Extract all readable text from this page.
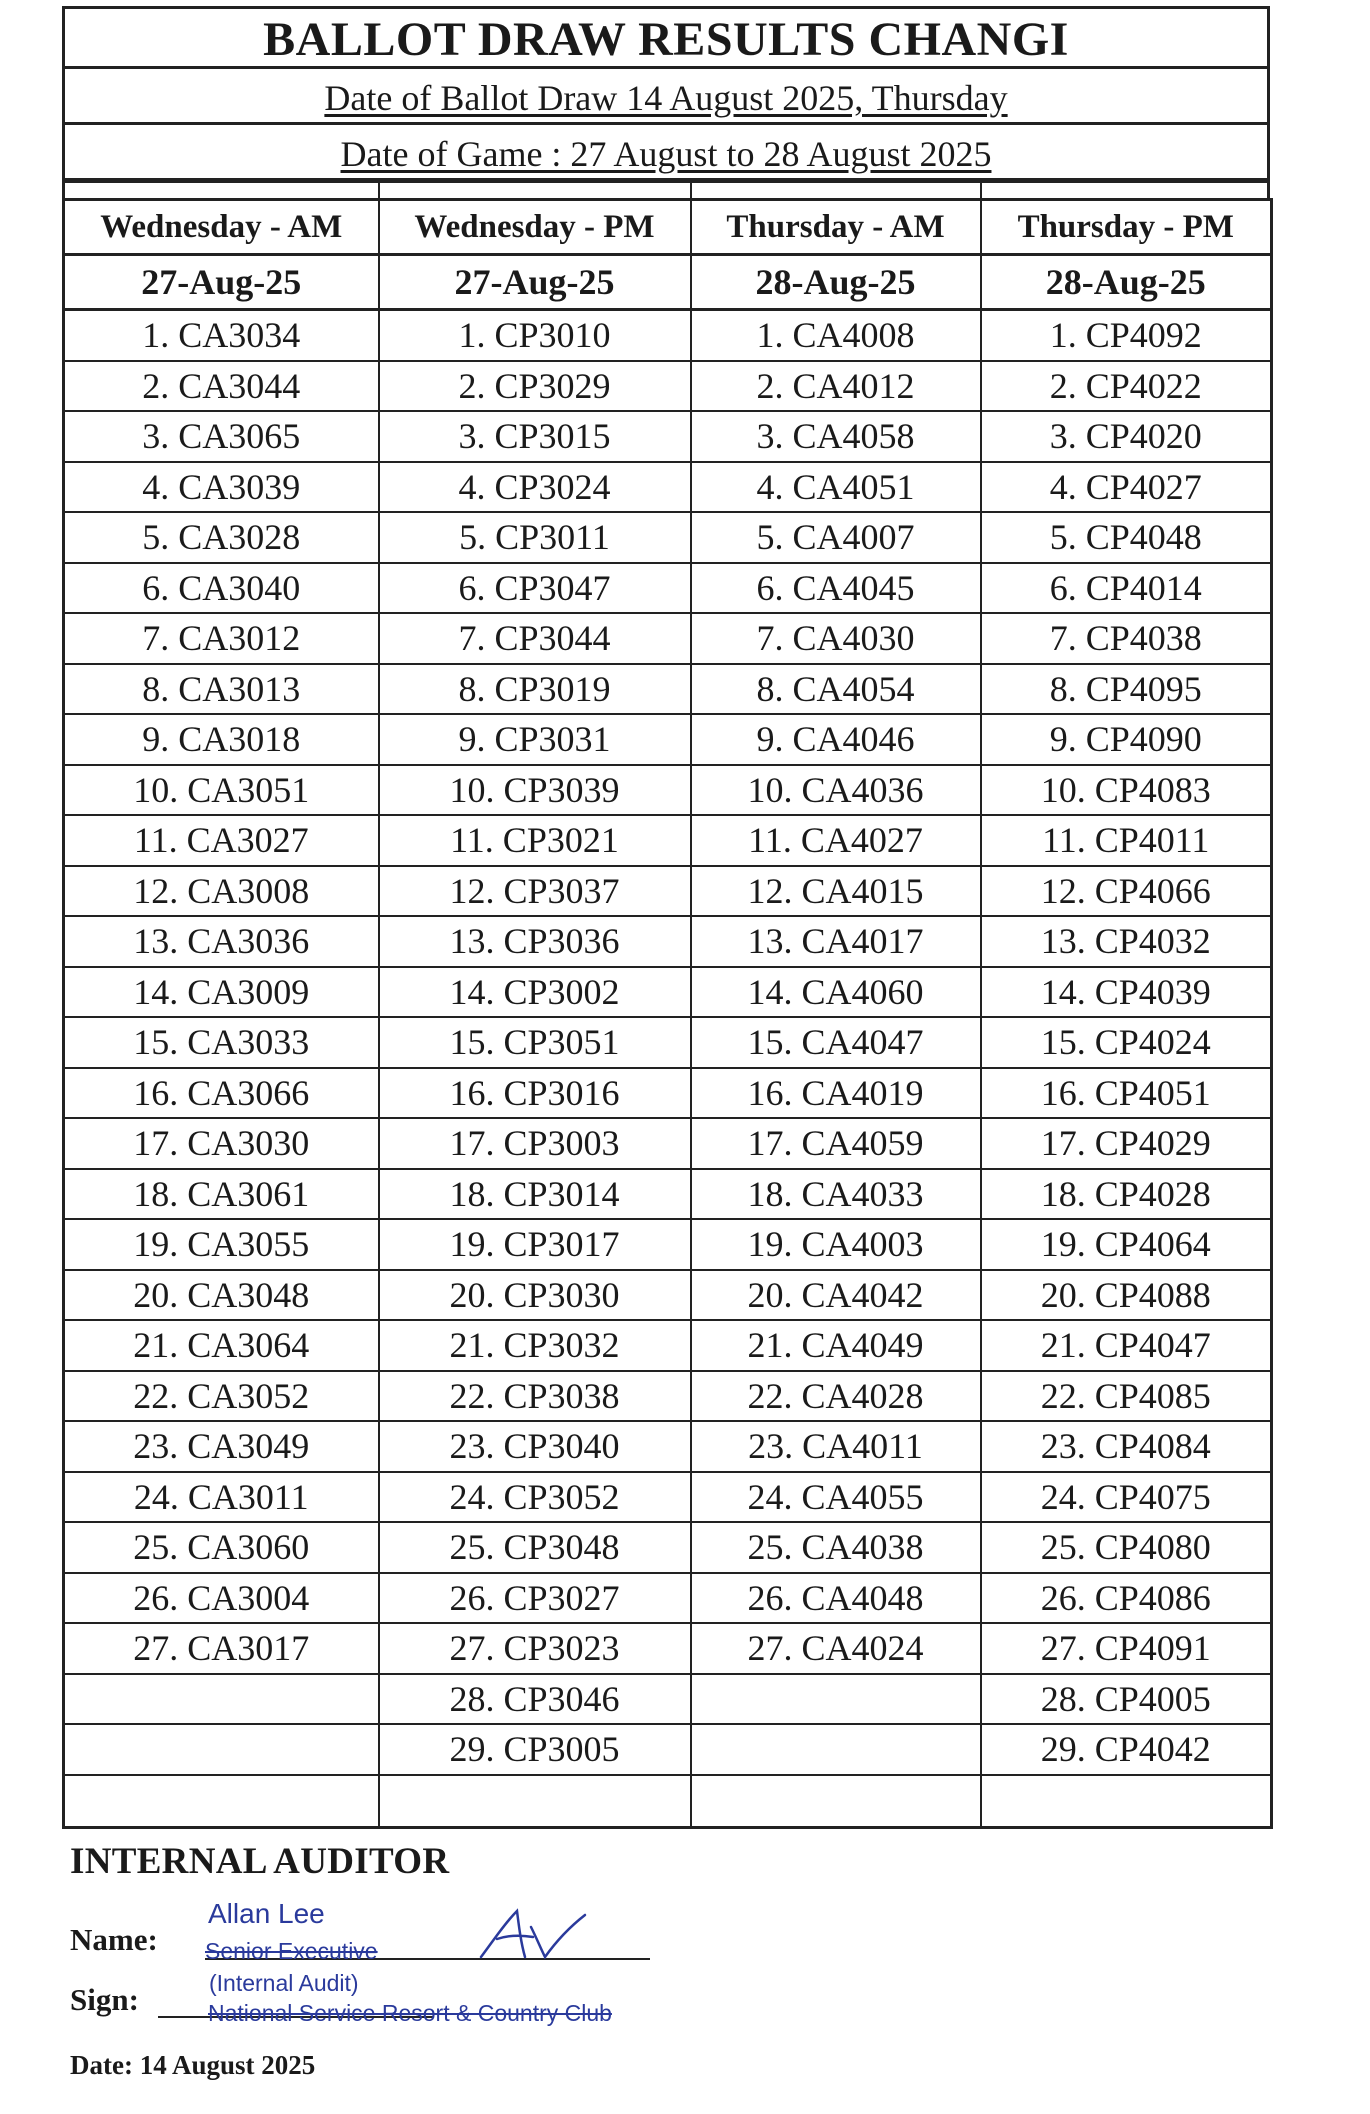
BALLOT DRAW RESULTS CHANGI
Date of Ballot Draw 14 August 2025, Thursday
Date of Game : 27 August to 28 August 2025
Wednesday - AM	Wednesday - PM	Thursday - AM	Thursday - PM
27-Aug-25	27-Aug-25	28-Aug-25	28-Aug-25
1. CA3034	1. CP3010	1. CA4008	1. CP4092
2. CA3044	2. CP3029	2. CA4012	2. CP4022
3. CA3065	3. CP3015	3. CA4058	3. CP4020
4. CA3039	4. CP3024	4. CA4051	4. CP4027
5. CA3028	5. CP3011	5. CA4007	5. CP4048
6. CA3040	6. CP3047	6. CA4045	6. CP4014
7. CA3012	7. CP3044	7. CA4030	7. CP4038
8. CA3013	8. CP3019	8. CA4054	8. CP4095
9. CA3018	9. CP3031	9. CA4046	9. CP4090
10. CA3051	10. CP3039	10. CA4036	10. CP4083
11. CA3027	11. CP3021	11. CA4027	11. CP4011
12. CA3008	12. CP3037	12. CA4015	12. CP4066
13. CA3036	13. CP3036	13. CA4017	13. CP4032
14. CA3009	14. CP3002	14. CA4060	14. CP4039
15. CA3033	15. CP3051	15. CA4047	15. CP4024
16. CA3066	16. CP3016	16. CA4019	16. CP4051
17. CA3030	17. CP3003	17. CA4059	17. CP4029
18. CA3061	18. CP3014	18. CA4033	18. CP4028
19. CA3055	19. CP3017	19. CA4003	19. CP4064
20. CA3048	20. CP3030	20. CA4042	20. CP4088
21. CA3064	21. CP3032	21. CA4049	21. CP4047
22. CA3052	22. CP3038	22. CA4028	22. CP4085
23. CA3049	23. CP3040	23. CA4011	23. CP4084
24. CA3011	24. CP3052	24. CA4055	24. CP4075
25. CA3060	25. CP3048	25. CA4038	25. CP4080
26. CA3004	26. CP3027	26. CA4048	26. CP4086
27. CA3017	27. CP3023	27. CA4024	27. CP4091
	28. CP3046		28. CP4005
	29. CP3005		29. CP4042

INTERNAL AUDITOR
Name:
Sign:
Allan Lee
Senior Executive
(Internal Audit)
National Service Resort & Country Club
Date: 14 August 2025
